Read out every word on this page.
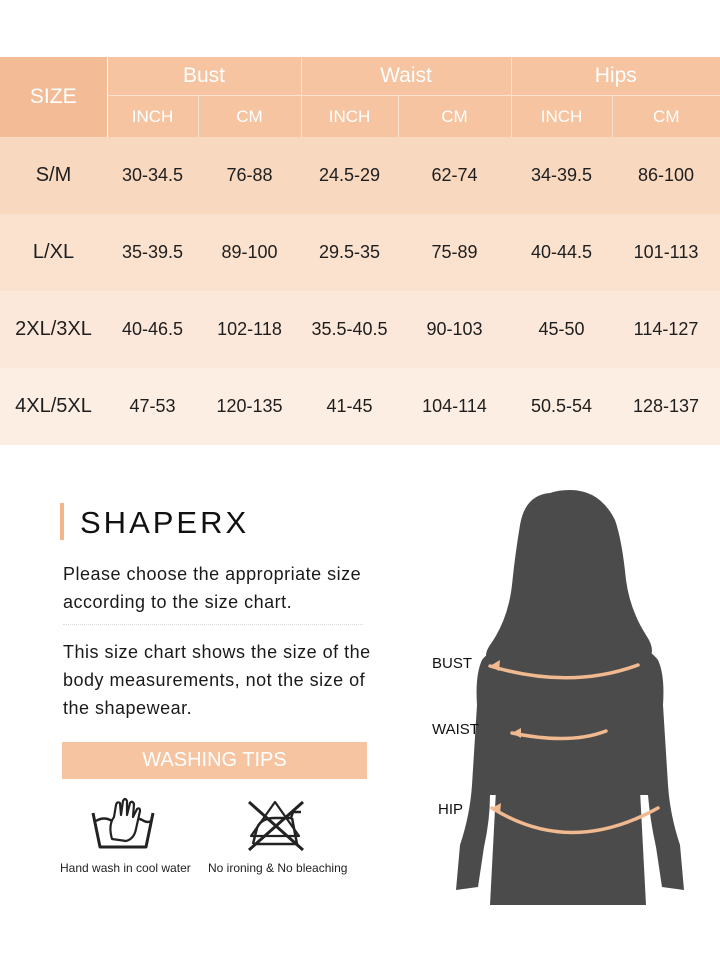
SIZE	Bust		Waist		Hips	
	INCH	CM	INCH	CM	INCH	CM
S/M	30-34.5	76-88	24.5-29	62-74	34-39.5	86-100
L/XL	35-39.5	89-100	29.5-35	75-89	40-44.5	101-113
2XL/3XL	40-46.5	102-118	35.5-40.5	90-103	45-50	114-127
4XL/5XL	47-53	120-135	41-45	104-114	50.5-54	128-137
SHAPERX
Please choose the appropriate size according to the size chart.
This size chart shows the size of the body measurements, not the size of the shapewear.
WASHING TIPS
Hand wash in cool water No ironing & No bleaching
BUST
WAIST
HIP
